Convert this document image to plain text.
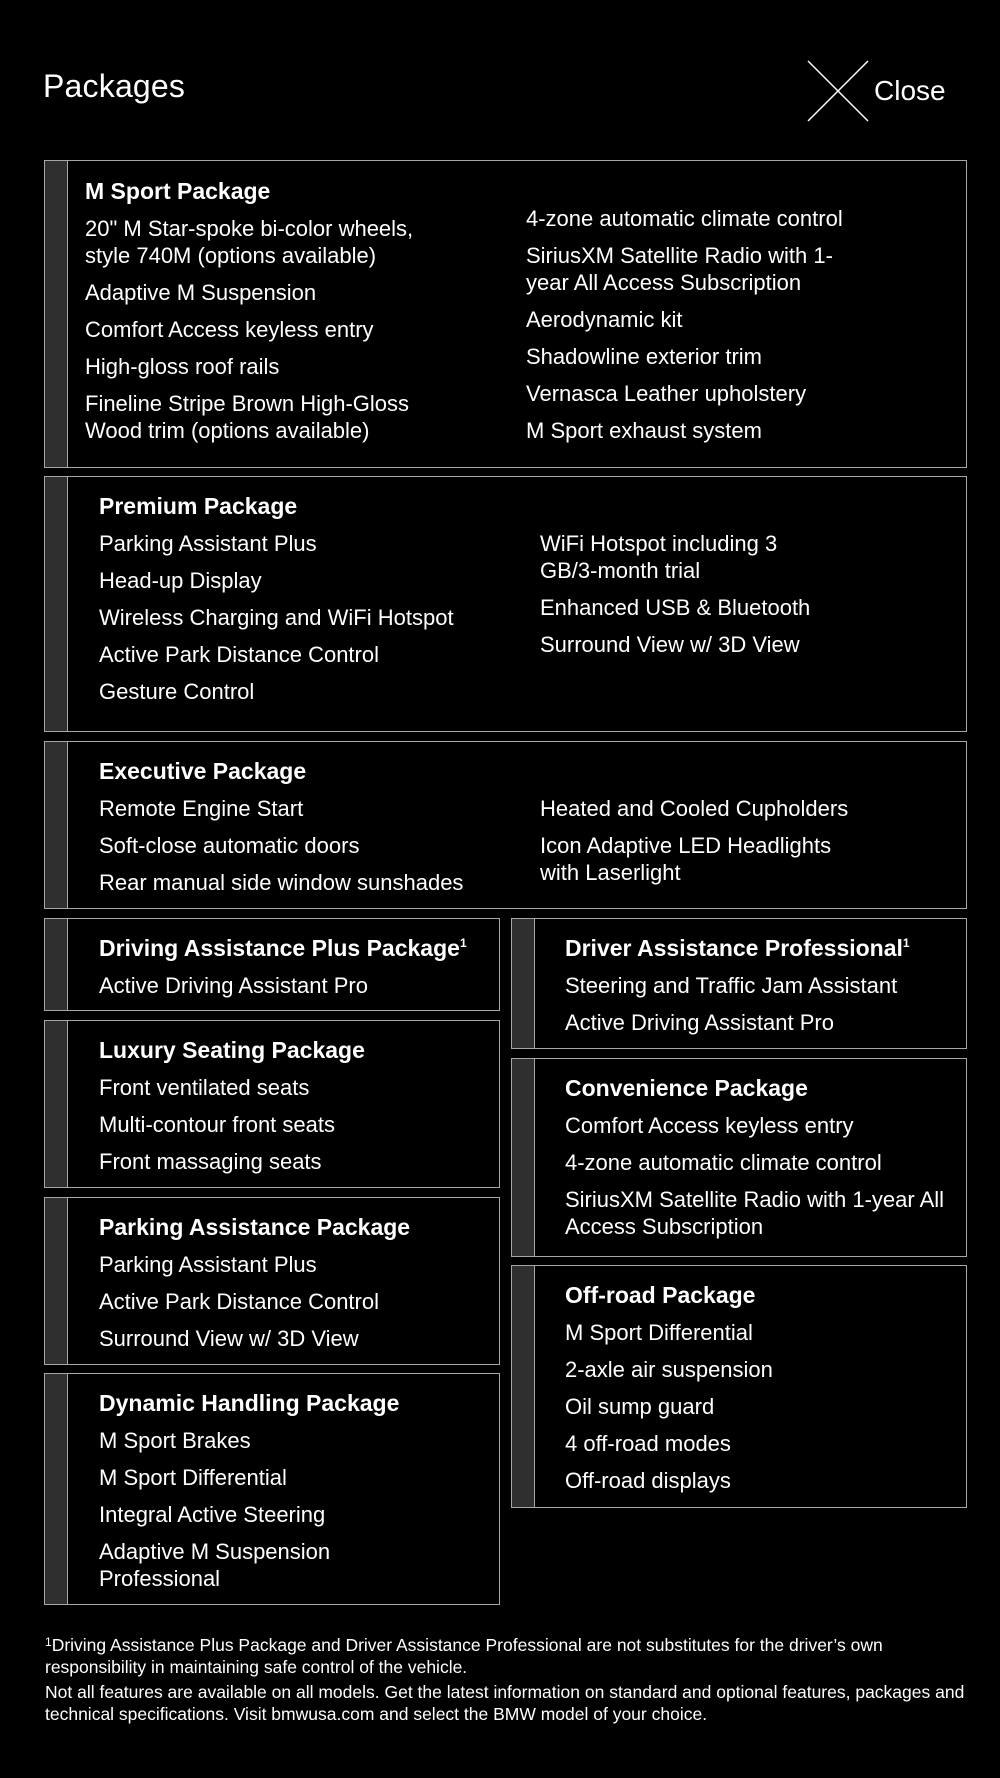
Packages	Close
M Sport Package
20" M Star-spoke bi-color wheels, style 740M (options available)
Adaptive M Suspension
Comfort Access keyless entry
High-gloss roof rails
Fineline Stripe Brown High-Gloss Wood trim (options available)
4-zone automatic climate control
SiriusXM Satellite Radio with 1-year All Access Subscription
Aerodynamic kit
Shadowline exterior trim
Vernasca Leather upholstery
M Sport exhaust system
Premium Package
Parking Assistant Plus
Head-up Display
Wireless Charging and WiFi Hotspot
Active Park Distance Control
Gesture Control
WiFi Hotspot including 3 GB/3-month trial
Enhanced USB & Bluetooth
Surround View w/ 3D View
Executive Package
Remote Engine Start
Soft-close automatic doors
Rear manual side window sunshades
Heated and Cooled Cupholders
Icon Adaptive LED Headlights with Laserlight
Driving Assistance Plus Package$^1$
Active Driving Assistant Pro
Luxury Seating Package
Front ventilated seats
Multi-contour front seats
Front massaging seats
Parking Assistance Package
Parking Assistant Plus
Active Park Distance Control
Surround View w/ 3D View
Dynamic Handling Package
M Sport Brakes
M Sport Differential
Integral Active Steering
Adaptive M Suspension Professional
Driver Assistance Professional$^1$
Steering and Traffic Jam Assistant
Active Driving Assistant Pro
Convenience Package
Comfort Access keyless entry
4-zone automatic climate control
SiriusXM Satellite Radio with 1-year All Access Subscription
Off-road Package
M Sport Differential
2-axle air suspension
Oil sump guard
4 off-road modes
Off-road displays

$^1$Driving Assistance Plus Package and Driver Assistance Professional are not substitutes for the driver’s own responsibility in maintaining safe control of the vehicle.

Not all features are available on all models. Get the latest information on standard and optional features, packages and technical specifications. Visit bmwusa.com and select the BMW model of your choice.
